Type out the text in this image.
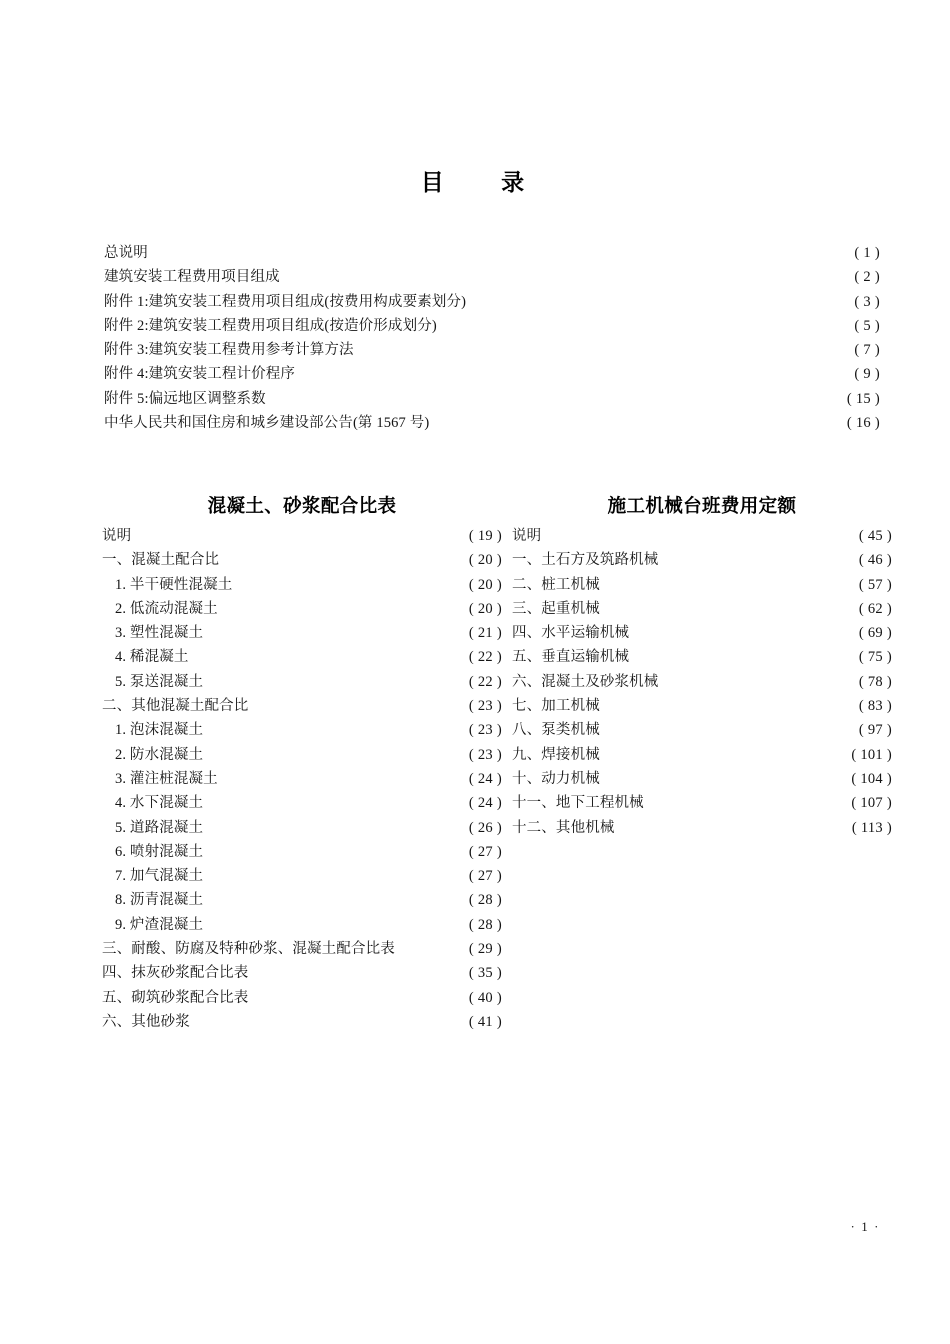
目    录
总说明 ·····	( 1 )
建筑安装工程费用项目组成 ·····	( 2 )
附件 1:建筑安装工程费用项目组成(按费用构成要素划分) ·····	( 3 )
附件 2:建筑安装工程费用项目组成(按造价形成划分) ·····	( 5 )
附件 3:建筑安装工程费用参考计算方法 ·····	( 7 )
附件 4:建筑安装工程计价程序 ·····	( 9 )
附件 5:偏远地区调整系数 ·····	( 15 )
中华人民共和国住房和城乡建设部公告(第 1567 号) ·····	( 16 )
混凝土、砂浆配合比表
说明 ·····	( 19 )
一、混凝土配合比 ·····	( 20 )
1. 半干硬性混凝土 ·····	( 20 )
2. 低流动混凝土 ·····	( 20 )
3. 塑性混凝土 ·····	( 21 )
4. 稀混凝土 ·····	( 22 )
5. 泵送混凝土 ·····	( 22 )
二、其他混凝土配合比 ·····	( 23 )
1. 泡沫混凝土 ·····	( 23 )
2. 防水混凝土 ·····	( 23 )
3. 灌注桩混凝土 ·····	( 24 )
4. 水下混凝土 ·····	( 24 )
5. 道路混凝土 ·····	( 26 )
6. 喷射混凝土 ·····	( 27 )
7. 加气混凝土 ·····	( 27 )
8. 沥青混凝土 ·····	( 28 )
9. 炉渣混凝土 ·····	( 28 )
三、耐酸、防腐及特种砂浆、混凝土配合比表 ·····	( 29 )
四、抹灰砂浆配合比表 ·····	( 35 )
五、砌筑砂浆配合比表 ·····	( 40 )
六、其他砂浆 ·····	( 41 )
施工机械台班费用定额
说明 ·····	( 45 )
一、土石方及筑路机械 ·····	( 46 )
二、桩工机械 ·····	( 57 )
三、起重机械 ·····	( 62 )
四、水平运输机械 ·····	( 69 )
五、垂直运输机械 ·····	( 75 )
六、混凝土及砂浆机械 ·····	( 78 )
七、加工机械 ·····	( 83 )
八、泵类机械 ·····	( 97 )
九、焊接机械 ·····	( 101 )
十、动力机械 ·····	( 104 )
十一、地下工程机械 ·····	( 107 )
十二、其他机械 ·····	( 113 )
· 1 ·
